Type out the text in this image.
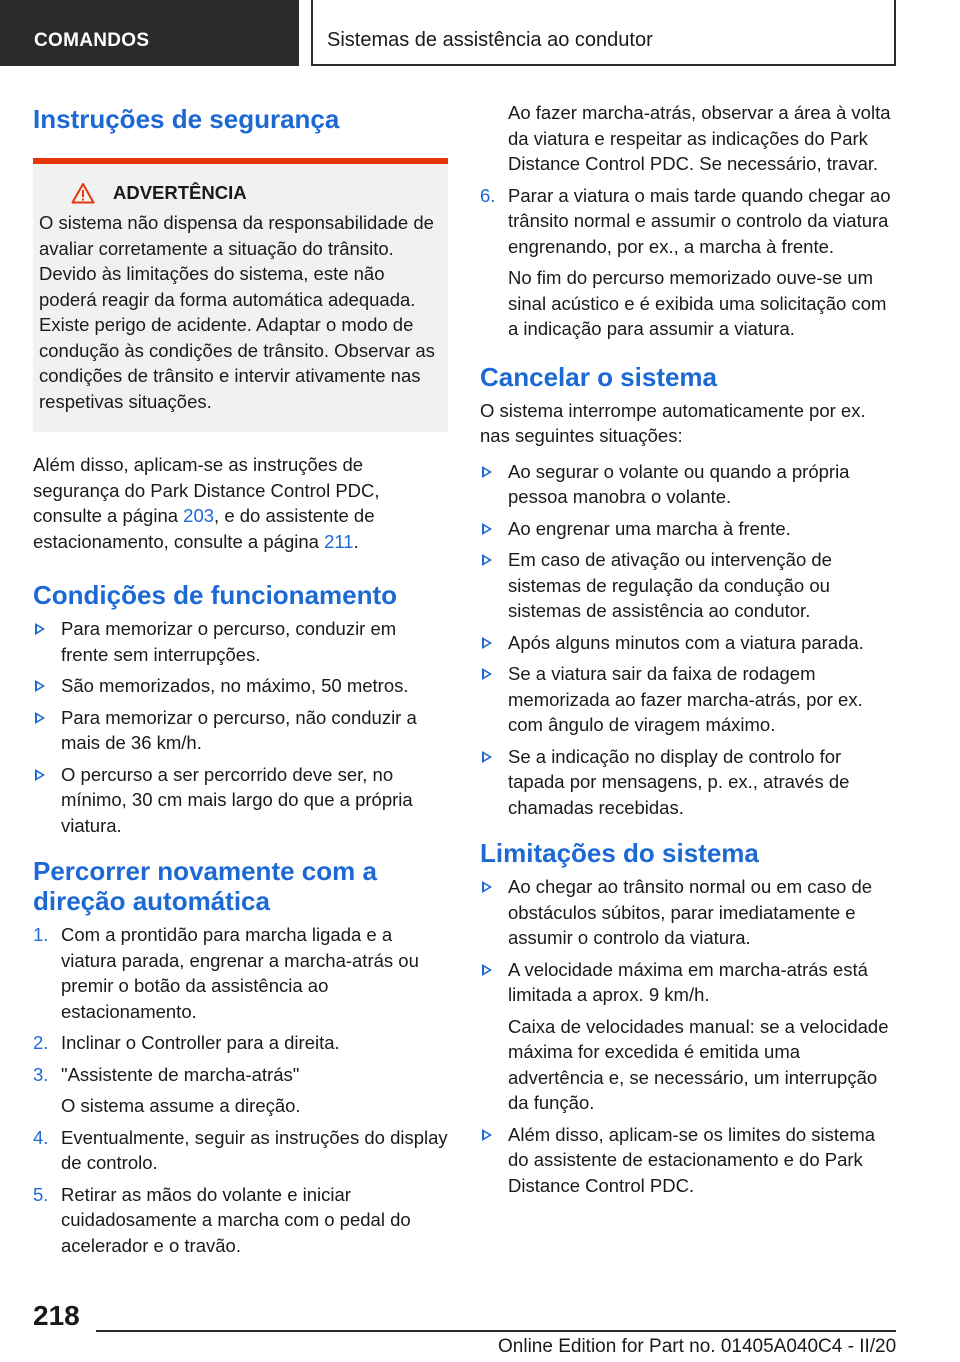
COMANDOS	Sistemas de assistência ao condutor
Instruções de segurança
ADVERTÊNCIA

O sistema não dispensa da responsabilidade de avaliar corretamente a situação do trânsito. Devido às limitações do sistema, este não poderá reagir da forma automática adequada. Existe perigo de acidente. Adaptar o modo de condução às condições de trânsito. Observar as condições de trânsito e intervir ativamente nas respetivas situações.

Além disso, aplicam-se as instruções de segurança do Park Distance Control PDC, consulte a página 203, e do assistente de estacionamento, consulte a página 211.

Condições de funcionamento
Para memorizar o percurso, conduzir em frente sem interrupções.
São memorizados, no máximo, 50 metros.
Para memorizar o percurso, não conduzir a mais de 36 km/h.
O percurso a ser percorrido deve ser, no mínimo, 30 cm mais largo do que a própria viatura.
Percorrer novamente com a direção automática
1. Com a prontidão para marcha ligada e a viatura parada, engrenar a marcha-atrás ou premir o botão da assistência ao estacionamento.
2. Inclinar o Controller para a direita.
3. "Assistente de marcha-atrás"
O sistema assume a direção.
4. Eventualmente, seguir as instruções do display de controlo.
5. Retirar as mãos do volante e iniciar cuidadosamente a marcha com o pedal do acelerador e o travão.
Ao fazer marcha-atrás, observar a área à volta da viatura e respeitar as indicações do Park Distance Control PDC. Se necessário, travar.
6. Parar a viatura o mais tarde quando chegar ao trânsito normal e assumir o controlo da viatura engrenando, por ex., a marcha à frente.
No fim do percurso memorizado ouve-se um sinal acústico e é exibida uma solicitação com a indicação para assumir a viatura.
Cancelar o sistema

O sistema interrompe automaticamente por ex. nas seguintes situações:

Ao segurar o volante ou quando a própria pessoa manobra o volante.
Ao engrenar uma marcha à frente.
Em caso de ativação ou intervenção de sistemas de regulação da condução ou sistemas de assistência ao condutor.
Após alguns minutos com a viatura parada.
Se a viatura sair da faixa de rodagem memorizada ao fazer marcha-atrás, por ex. com ângulo de viragem máximo.
Se a indicação no display de controlo for tapada por mensagens, p. ex., através de chamadas recebidas.
Limitações do sistema
Ao chegar ao trânsito normal ou em caso de obstáculos súbitos, parar imediatamente e assumir o controlo da viatura.
A velocidade máxima em marcha-atrás está limitada a aprox. 9 km/h.
Caixa de velocidades manual: se a velocidade máxima for excedida é emitida uma advertência e, se necessário, um interrupção da função.
Além disso, aplicam-se os limites do sistema do assistente de estacionamento e do Park Distance Control PDC.
218
Online Edition for Part no. 01405A040C4 - II/20
